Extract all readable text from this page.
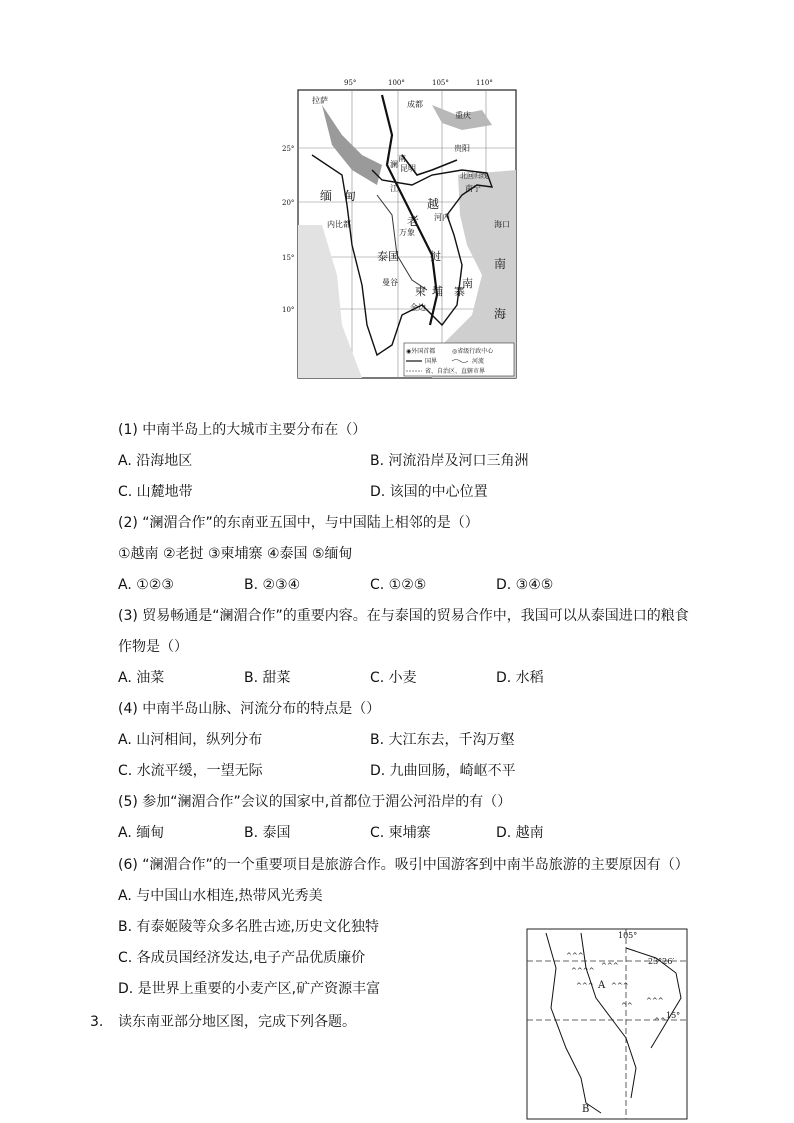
95°	100°	105°	110°
25°
20°
15°
10°
拉萨	成都
重庆
贵阳
昆明
北回归线
南宁
海口
缅 甸
越
老 河内
万象
内比都
泰国	挝
柬 埔 寨
曼谷
金边
南
海
澜
江
南
南
◉外国首都	◎省级行政中心
国界	河流
省、自治区、直辖市界
(1) 中南半岛上的大城市主要分布在（）
A. 沿海地区	B. 河流沿岸及河口三角洲
C. 山麓地带	D. 该国的中心位置
(2) “澜湄合作”的东南亚五国中，与中国陆上相邻的是（）
①越南 ②老挝 ③柬埔寨 ④泰国 ⑤缅甸
A. ①②③	B. ②③④	C. ①②⑤	D. ③④⑤
(3) 贸易畅通是“澜湄合作”的重要内容。在与泰国的贸易合作中，我国可以从泰国进口的粮食
作物是（）
A. 油菜	B. 甜菜	C. 小麦	D. 水稻
(4) 中南半岛山脉、河流分布的特点是（）
A. 山河相间，纵列分布	B. 大江东去，千沟万壑
C. 水流平缓，一望无际	D. 九曲回肠，崎岖不平
(5) 参加“澜湄合作”会议的国家中,首都位于湄公河沿岸的有（）
A. 缅甸	B. 泰国	C. 柬埔寨	D. 越南
(6) “澜湄合作”的一个重要项目是旅游合作。吸引中国游客到中南半岛旅游的主要原因有（）
A. 与中国山水相连,热带风光秀美
B. 有泰姬陵等众多名胜古迹,历史文化独特
C. 各成员国经济发达,电子产品优质廉价
D. 是世界上重要的小麦产区,矿产资源丰富
3. 读东南亚部分地区图，完成下列各题。
^^^
^^^^
^^^
^^^
^^^
^^
^^^
^^
105°
23°26′
15°
A
B
